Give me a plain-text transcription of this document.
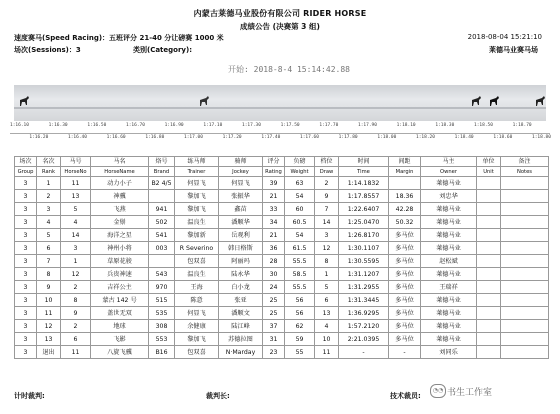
内蒙古莱德马业股份有限公司 RIDER HORSE
成绩公告 (决赛第 3 组)
速度赛马(Speed Racing)：五班评分 21-40 分让磅赛 1000 米	2018-08-04 15:21:10
场次(Sessions)：3	类别(Category):	莱德马业赛马场
开始: 2018-8-4 15:14:42.88
1:16.10
1:16.20
1:16.30
1:16.40
1:16.50
1:16.60
1:16.70
1:16.80
1:16.90
1:17.00
1:17.10
1:17.20
1:17.30
1:17.40
1:17.50
1:17.60
1:17.70
1:17.80
1:17.90
1:18.00
1:18.10
1:18.20
1:18.30
1:18.40
1:18.50
1:18.60
1:18.70
1:18.80
场次	名次	马号	马名	烙号	练马师	骑师	评分	负磅	档位	时间	间距	马主	单位	备注
Group	Rank	HorseNo	HorseName	Brand	Trainer	Jockey	Rating	Weight	Draw	Time	Margin	Owner	Unit	Notes
3	1	11	动力小子	B2 4/5	何显飞	何显飞	39	63	2	1:14.1832		莱德马业		
3	2	13	神骥		黎加飞	张振华	21	54	9	1:17.8557	18.36	刘忠华		
3	3	5	飞燕	941	黎加飞	鑫苗	33	60	7	1:22.6407	42.28	莱德马业		
3	4	4	金鬃	502	温良生	潘顺华	34	60.5	14	1:25.0470	50.32	莱德马业		
3	5	14	海洋之星	541	黎加新	岳观利	21	54	3	1:26.8170	多马位	莱德马业		
3	6	3	神州小将	003	R Severino	韩日格斯	36	61.5	12	1:30.1107	多马位	莱德马业		
3	7	1	草原花骏		包双喜	阿丽玛	28	55.5	8	1:30.5595	多马位	赵松斌		
3	8	12	兵贵神速	543	温良生	陆永华	30	58.5	1	1:31.1207	多马位	莱德马业		
3	9	2	吉祥公主	970	王海	白小龙	24	55.5	5	1:31.2955	多马位	王瑞祥		
3	10	8	蒙古 142 号	515	陈意	张亚	25	56	6	1:31.3445	多马位	莱德马业		
3	11	9	盖世无双	535	何显飞	潘顺文	25	56	13	1:36.9295	多马位	莱德马业		
3	12	2	地球	308	余健康	陆江峰	37	62	4	1:57.2120	多马位	莱德马业		
3	13	6	飞影	553	黎加飞	苏德拉图	31	59	10	2:21.0395	多马位	莱德马业		
3	退出	11	八旋飞骥	B16	包双喜	N·Marday	23	55	11	-	-	刘同乐		
计时裁判:	裁判长:	技术裁员:
◔◔ 书生工作室
